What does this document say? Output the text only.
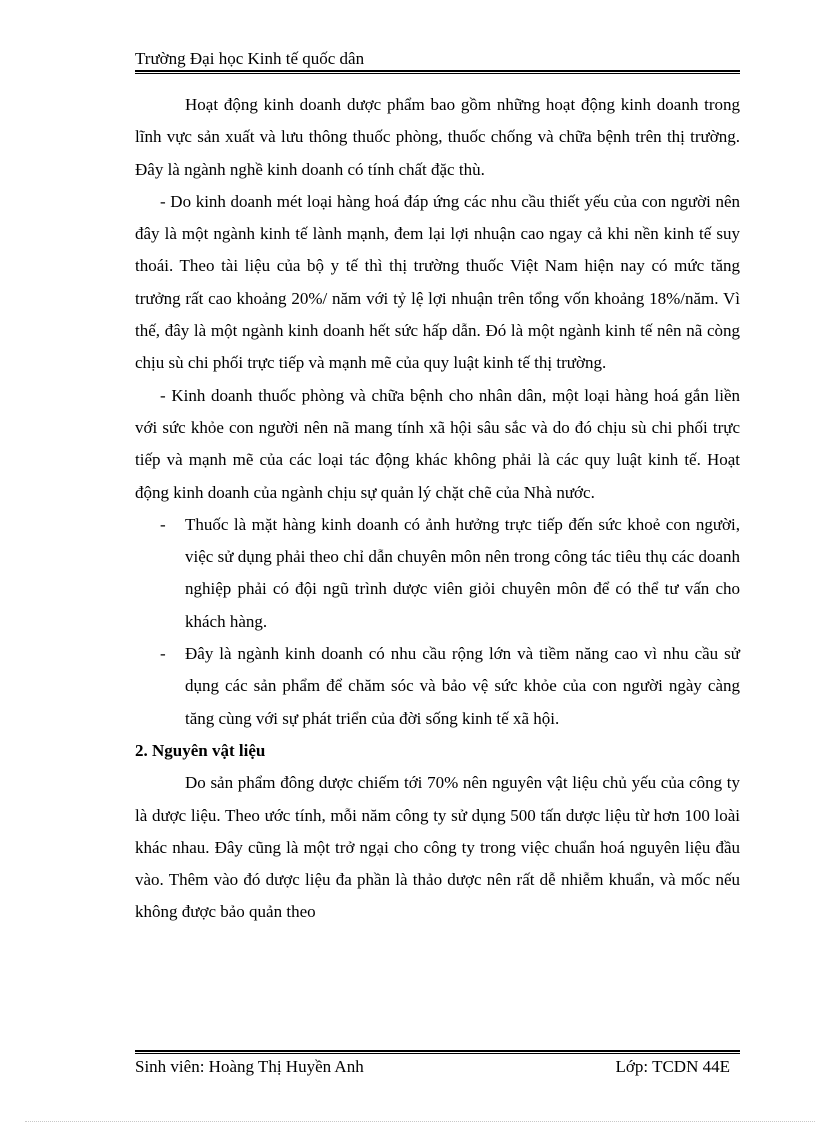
Trường Đại học Kinh tế quốc dân

Hoạt động kinh doanh dược phẩm bao gồm những hoạt động kinh doanh trong lĩnh vực sản xuất và lưu thông thuốc phòng, thuốc chống và chữa bệnh trên thị trường. Đây là ngành nghề kinh doanh có tính chất đặc thù.

- Do kinh doanh mét loại hàng hoá đáp ứng các nhu cầu thiết yếu của con người nên đây là một ngành kinh tế lành mạnh, đem lại lợi nhuận cao ngay cả khi nền kinh tế suy thoái. Theo tài liệu của bộ y tế thì thị trường thuốc Việt Nam hiện nay có mức tăng trưởng rất cao khoảng 20%/ năm với tỷ lệ lợi nhuận trên tổng vốn khoảng 18%/năm. Vì thế, đây là một ngành kinh doanh hết sức hấp dẫn. Đó là một ngành kinh tế nên nã còng chịu sù chi phối trực tiếp và mạnh mẽ của quy luật kinh tế thị trường.

- Kinh doanh thuốc phòng và chữa bệnh cho nhân dân, một loại hàng hoá gắn liền với sức khỏe con người nên nã mang tính xã hội sâu sắc và do đó chịu sù chi phối trực tiếp và mạnh mẽ của các loại tác động khác không phải là các quy luật kinh tế. Hoạt động kinh doanh của ngành chịu sự quản lý chặt chẽ của Nhà nước.

-	Thuốc là mặt hàng kinh doanh có ảnh hưởng trực tiếp đến sức khoẻ con người, việc sử dụng phải theo chỉ dẫn chuyên môn nên trong công tác tiêu thụ các doanh nghiệp phải có đội ngũ trình dược viên giỏi chuyên môn để có thể tư vấn cho khách hàng.
-	Đây là ngành kinh doanh có nhu cầu rộng lớn và tiềm năng cao vì nhu cầu sử dụng các sản phẩm để chăm sóc và bảo vệ sức khỏe của con người ngày càng tăng cùng với sự phát triển của đời sống kinh tế xã hội.

2. Nguyên vật liệu

Do sản phẩm đông dược chiếm tới 70% nên nguyên vật liệu chủ yếu của công ty là dược liệu. Theo ước tính, mỗi năm công ty sử dụng 500 tấn dược liệu từ hơn 100 loài khác nhau. Đây cũng là một trở ngại cho công ty trong việc chuẩn hoá nguyên liệu đầu vào. Thêm vào đó dược liệu đa phần là thảo dược nên rất dễ nhiễm khuẩn, và mốc nếu không được bảo quản theo

Sinh viên: Hoàng Thị Huyền Anh	Lớp: TCDN 44E
